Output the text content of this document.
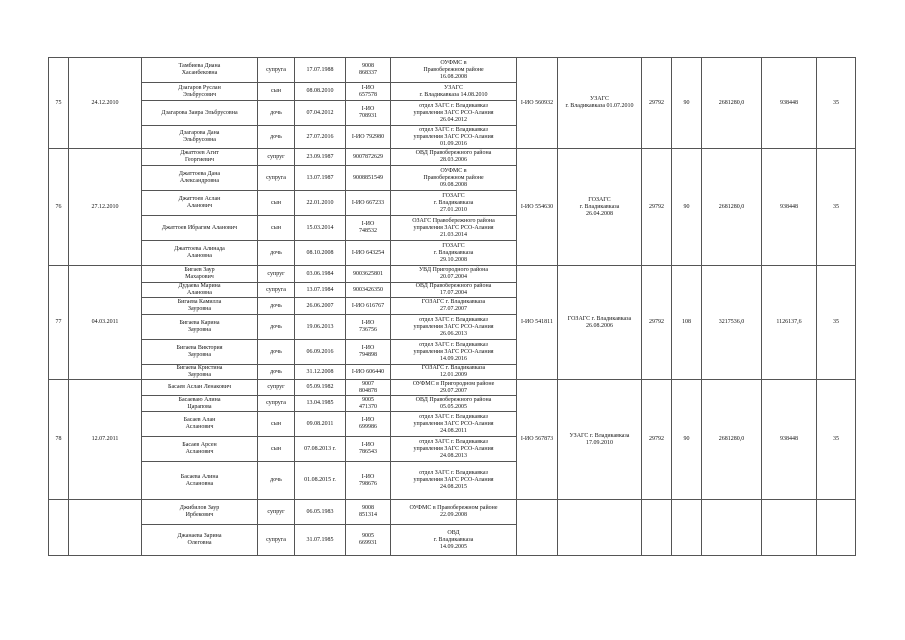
75	24.12.2010	Тамбиева Диана
Хасанбековна	супруга	17.07.1988	9008
868337	ОУФМС в
Правобережном районе
16.08.2008	I-ИО 560932	УЗАГС
г. Владикавказа 01.07.2010	29792	90	2681280,0	938448	35

		Дзагаров Руслан
Эльбрусович	сын	08.08.2010	I-ИО
657578	УЗАГС
г. Владикавказа 14.08.2010							

		Дзагарова Заира Эльбрусовна	дочь	07.04.2012	I-ИО
708931	отдел ЗАГС г. Владикавказ
управления ЗАГС РСО-Алания
26.04.2012							

		Дзагарова Дана
Эльбрусовна	дочь	27.07.2016	I-ИО 792980	отдел ЗАГС г. Владикавказ
управления ЗАГС РСО-Алания
01.09.2016							

76	27.12.2010	Джаттоев Агит
Георгиевич	супруг	23.09.1987	9007872629	ОВД Правобережного района
28.03.2006	I-ИО 554630	ГОЗАГС
г. Владикавказа
26.04.2008	29792	90	2681280,0	938448	35

		Джаттоева Дана
Александровна	супруга	13.07.1987	9008851549	ОУФМС в
Правобережном районе
09.08.2008							

		Джаттоев Аслан
Аланович	сын	22.01.2010	I-ИО 667233	ГОЗАГС
г. Владикавказа
27.01.2010							

		Джаттоев Ибрагим Аланович	сын	15.03.2014	I-ИО
748532	ОЗАГС Правобережного района
управления ЗАГС РСО-Алания
21.03.2014							

		Джаттоева Алинада
Алановна	дочь	08.10.2008	I-ИО 643254	ГОЗАГС
г. Владикавказа
29.10.2008							

77	04.03.2011	Бигаев Заур
Махарович	супруг	03.06.1984	9003625801	УВД Пригородного района
20.07.2004	I-ИО 541811	ГОЗАГС г. Владикавказа
26.08.2006	29792	108	3217536,0	1126137,6	35

		Дудаева Марина
Алановна	супруга	13.07.1984	9003426350	ОВД Правобережного района
17.07.2004							

		Бигаева Камилла
Зауровна	дочь	26.06.2007	I-ИО 616767	ГОЗАГС г. Владикавказа
27.07.2007							

		Бигаева Карина
Зауровна	дочь	19.06.2013	I-ИО
736756	отдел ЗАГС г. Владикавказ
управления ЗАГС РСО-Алания
26.06.2013							

		Бигаева Виктория
Зауровна	дочь	06.09.2016	I-ИО
794898	отдел ЗАГС г. Владикавказ
управления ЗАГС РСО-Алания
14.09.2016							

		Бигаева Кристина
Зауровна	дочь	31.12.2008	I-ИО 606440	ГОЗАГС г. Владикавказа
12.01.2009							

78	12.07.2011	Басаев Аслан Ленакович	супруг	05.09.1982	9007
804878	ОУФМС в Пригородном районе
29.07.2007	I-ИО 567873	УЗАГС г. Владикавказа
17.09.2010	29792	90	2681280,0	938448	35

		Басаеваю Алина
Царапова	супруга	13.04.1985	9005
471370	ОВД Правобережного района
05.05.2005							

		Басаев Алан
Асланович	сын	09.08.2011	I-ИО
699986	отдел ЗАГС г. Владикавказ
управления ЗАГС РСО-Алания
24.08.2011							

		Басаев Арсен
Асланович	сын	07.08.2013 г.	I-ИО
786543	отдел ЗАГС г. Владикавказ
управления ЗАГС РСО-Алания
24.08.2013							

		Басаева Алина
Аслановна	дочь	01.08.2015 г.	I-ИО
798676	отдел ЗАГС г. Владикавказ
управления ЗАГС РСО-Алания
24.08.2015							

		Джибилов Заур
Ирбекович	супруг	06.05.1983	9008
851314	ОУФМС в Правобережном районе
22.09.2008							

		Джанаева Зарина
Олеговна	супруга	31.07.1985	9005
669931	ОВД
г. Владикавказа
14.09.2005							
